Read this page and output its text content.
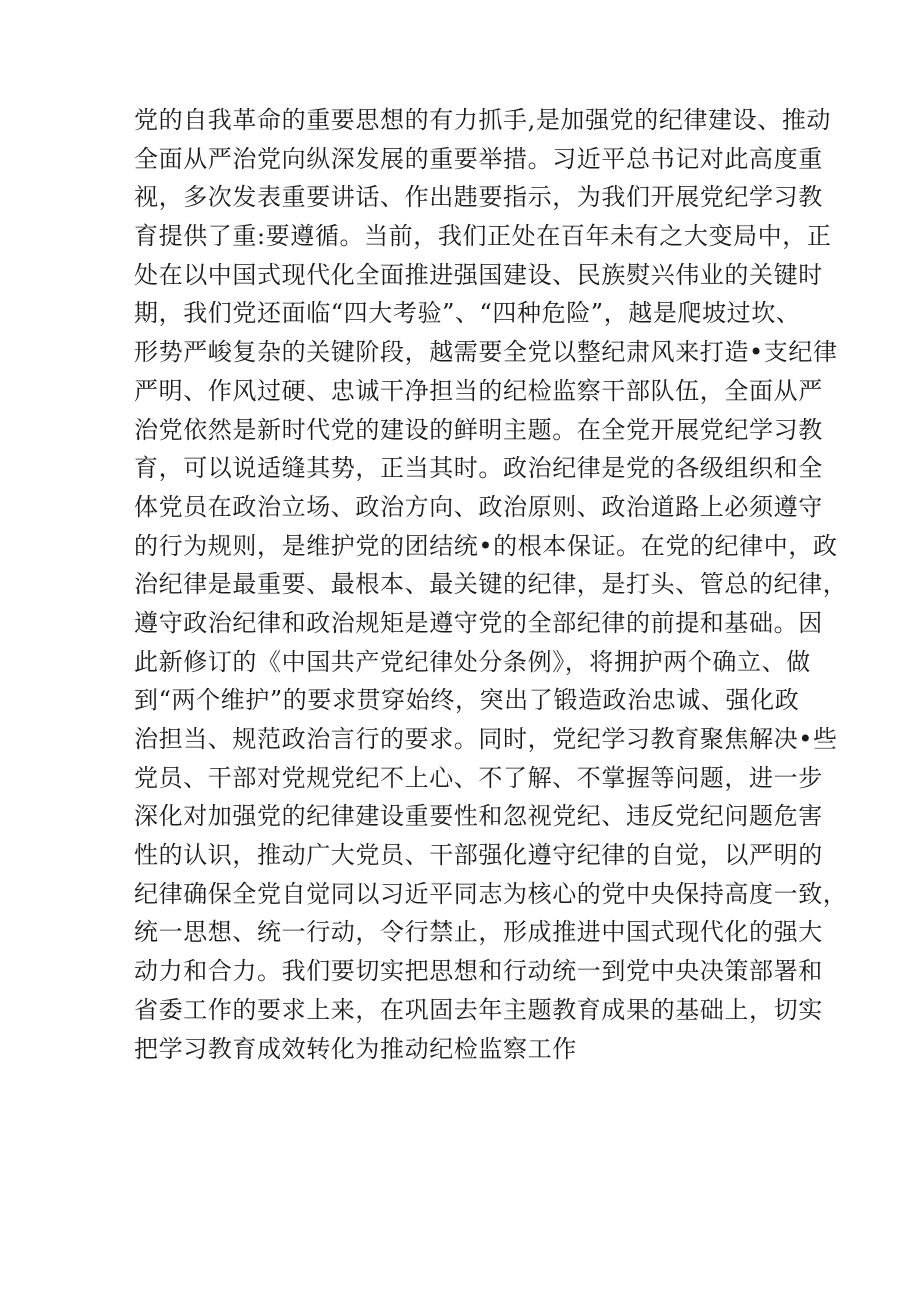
党的自我革命的重要思想的有力抓手,是加强党的纪律建设、推动
全面从严治党向纵深发展的重要举措。习近平总书记对此高度重
视，多次发表重要讲话、作出韪要指示，为我们开展党纪学习教
育提供了重:要遵循。当前，我们正处在百年未有之大变局中，正
处在以中国式现代化全面推进强国建设、民族熨兴伟业的关键时
期，我们党还面临“四大考验”、“四种危险”，越是爬坡过坎、
形势严峻复杂的关键阶段，越需要全党以整纪肃风来打造•支纪律
严明、作风过硬、忠诚干净担当的纪检监察干部队伍，全面从严
治党依然是新时代党的建设的鲜明主题。在全党开展党纪学习教
育，可以说适缝其势，正当其时。政治纪律是党的各级组织和全
体党员在政治立场、政治方向、政治原则、政治道路上必须遵守
的行为规则，是维护党的团结统•的根本保证。在党的纪律中，政
治纪律是最重要、最根本、最关键的纪律，是打头、管总的纪律，
遵守政治纪律和政治规矩是遵守党的全部纪律的前提和基础。因
此新修订的《中国共产党纪律处分条例》，将拥护两个确立、做
到“两个维护”的要求贯穿始终，突出了锻造政治忠诚、强化政
治担当、规范政治言行的要求。同时，党纪学习教育聚焦解决•些
党员、干部对党规党纪不上心、不了解、不掌握等问题，进一步
深化对加强党的纪律建设重要性和忽视党纪、违反党纪问题危害
性的认识，推动广大党员、干部强化遵守纪律的自觉，以严明的
纪律确保全党自觉同以习近平同志为核心的党中央保持高度一致，
统一思想、统一行动，令行禁止，形成推进中国式现代化的强大
动力和合力。我们要切实把思想和行动统一到党中央决策部署和
省委工作的要求上来，在巩固去年主题教育成果的基础上，切实
把学习教育成效转化为推动纪检监察工作
